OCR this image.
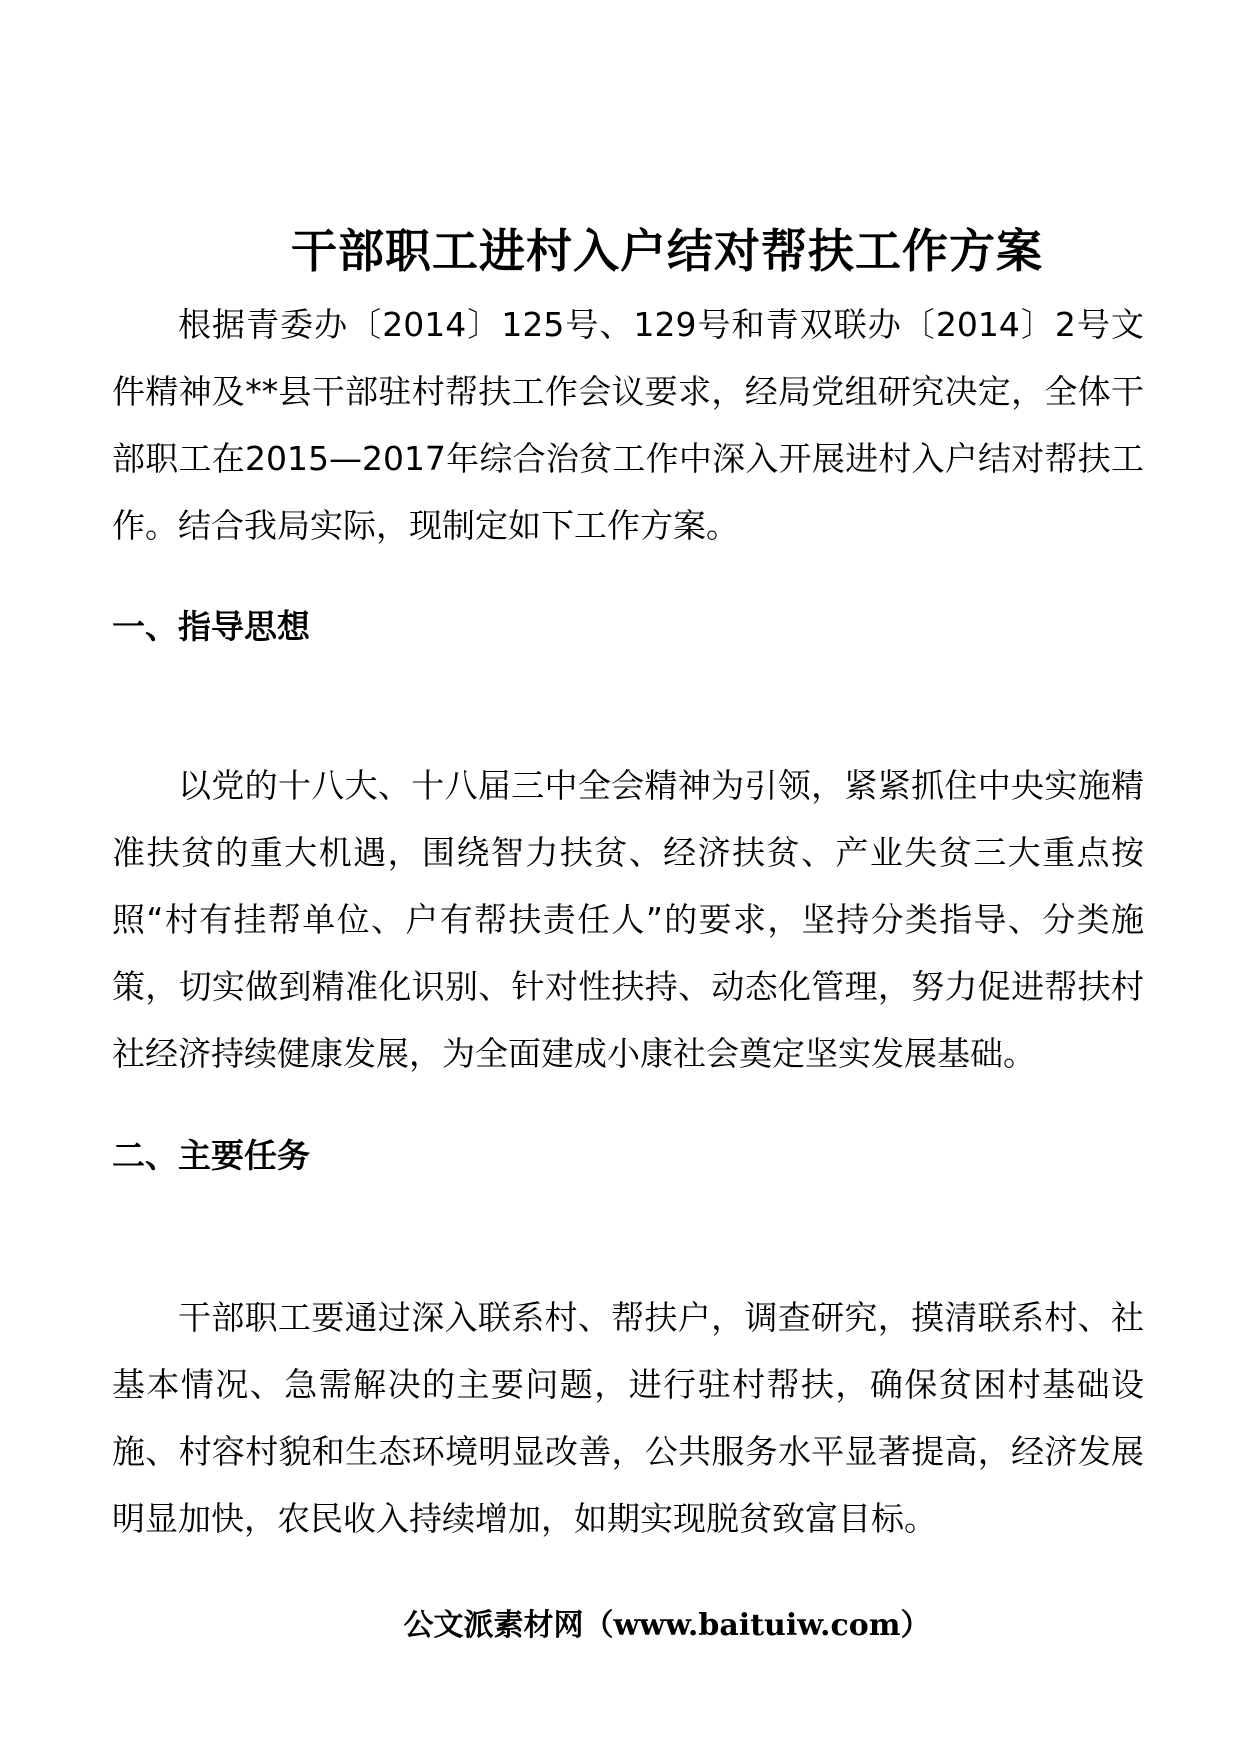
干部职工进村入户结对帮扶工作方案

根据青委办〔2014〕125号、129号和青双联办〔2014〕2号文件精神及**县干部驻村帮扶工作会议要求，经局党组研究决定，全体干部职工在2015—2017年综合治贫工作中深入开展进村入户结对帮扶工作。结合我局实际，现制定如下工作方案。

一、指导思想

以党的十八大、十八届三中全会精神为引领，紧紧抓住中央实施精准扶贫的重大机遇，围绕智力扶贫、经济扶贫、产业失贫三大重点按照“村有挂帮单位、户有帮扶责任人”的要求，坚持分类指导、分类施策，切实做到精准化识别、针对性扶持、动态化管理，努力促进帮扶村社经济持续健康发展，为全面建成小康社会奠定坚实发展基础。

二、主要任务

干部职工要通过深入联系村、帮扶户，调查研究，摸清联系村、社基本情况、急需解决的主要问题，进行驻村帮扶，确保贫困村基础设施、村容村貌和生态环境明显改善，公共服务水平显著提高，经济发展明显加快，农民收入持续增加，如期实现脱贫致富目标。

公文派素材网（www.baituiw.com）
